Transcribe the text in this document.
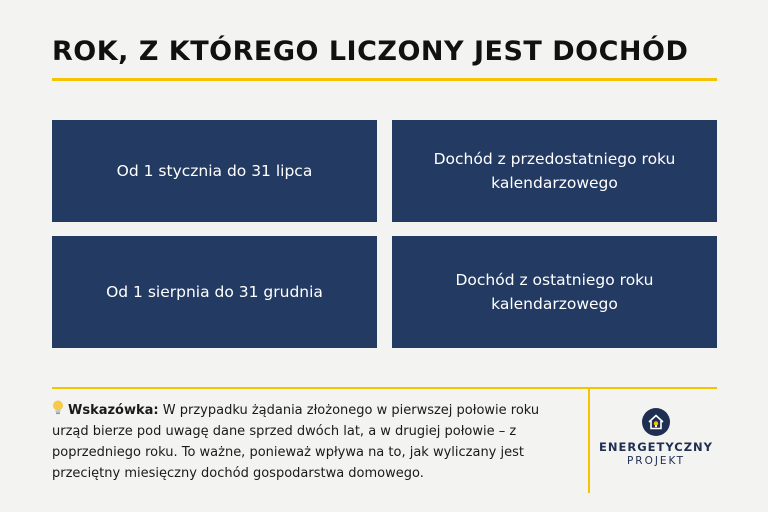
ROK, Z KTÓREGO LICZONY JEST DOCHÓD
Od 1 stycznia do 31 lipca
Dochód z przedostatniego roku kalendarzowego
Od 1 sierpnia do 31 grudnia
Dochód z ostatniego roku kalendarzowego
Wskazówka: W przypadku żądania złożonego w pierwszej połowie roku urząd bierze pod uwagę dane sprzed dwóch lat, a w drugiej połowie – z poprzedniego roku. To ważne, ponieważ wpływa na to, jak wyliczany jest przeciętny miesięczny dochód gospodarstwa domowego.
ENERGETYCZNY
PROJEKT
